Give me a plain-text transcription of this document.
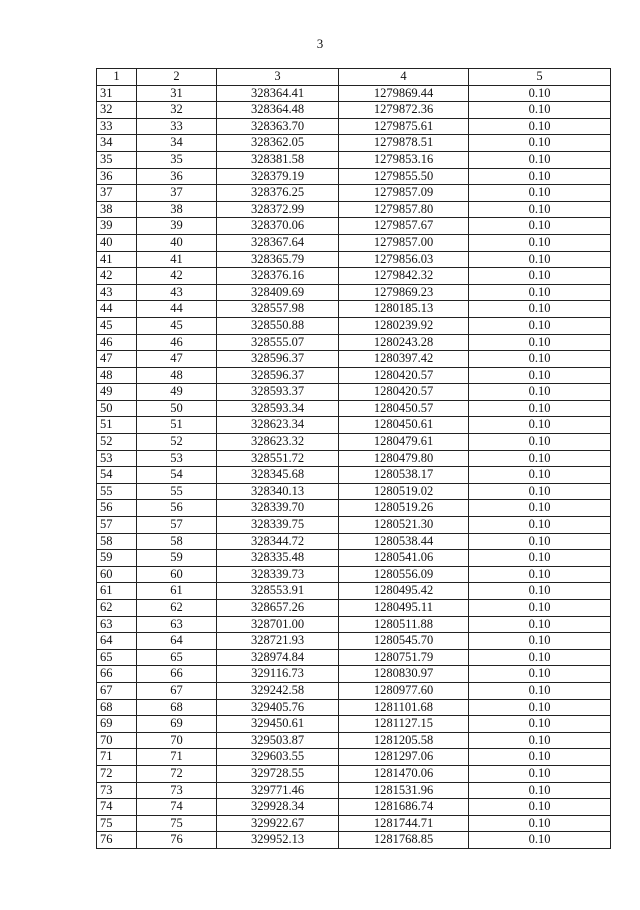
3
1	2	3	4	5
31	31	328364.41	1279869.44	0.10
32	32	328364.48	1279872.36	0.10
33	33	328363.70	1279875.61	0.10
34	34	328362.05	1279878.51	0.10
35	35	328381.58	1279853.16	0.10
36	36	328379.19	1279855.50	0.10
37	37	328376.25	1279857.09	0.10
38	38	328372.99	1279857.80	0.10
39	39	328370.06	1279857.67	0.10
40	40	328367.64	1279857.00	0.10
41	41	328365.79	1279856.03	0.10
42	42	328376.16	1279842.32	0.10
43	43	328409.69	1279869.23	0.10
44	44	328557.98	1280185.13	0.10
45	45	328550.88	1280239.92	0.10
46	46	328555.07	1280243.28	0.10
47	47	328596.37	1280397.42	0.10
48	48	328596.37	1280420.57	0.10
49	49	328593.37	1280420.57	0.10
50	50	328593.34	1280450.57	0.10
51	51	328623.34	1280450.61	0.10
52	52	328623.32	1280479.61	0.10
53	53	328551.72	1280479.80	0.10
54	54	328345.68	1280538.17	0.10
55	55	328340.13	1280519.02	0.10
56	56	328339.70	1280519.26	0.10
57	57	328339.75	1280521.30	0.10
58	58	328344.72	1280538.44	0.10
59	59	328335.48	1280541.06	0.10
60	60	328339.73	1280556.09	0.10
61	61	328553.91	1280495.42	0.10
62	62	328657.26	1280495.11	0.10
63	63	328701.00	1280511.88	0.10
64	64	328721.93	1280545.70	0.10
65	65	328974.84	1280751.79	0.10
66	66	329116.73	1280830.97	0.10
67	67	329242.58	1280977.60	0.10
68	68	329405.76	1281101.68	0.10
69	69	329450.61	1281127.15	0.10
70	70	329503.87	1281205.58	0.10
71	71	329603.55	1281297.06	0.10
72	72	329728.55	1281470.06	0.10
73	73	329771.46	1281531.96	0.10
74	74	329928.34	1281686.74	0.10
75	75	329922.67	1281744.71	0.10
76	76	329952.13	1281768.85	0.10
